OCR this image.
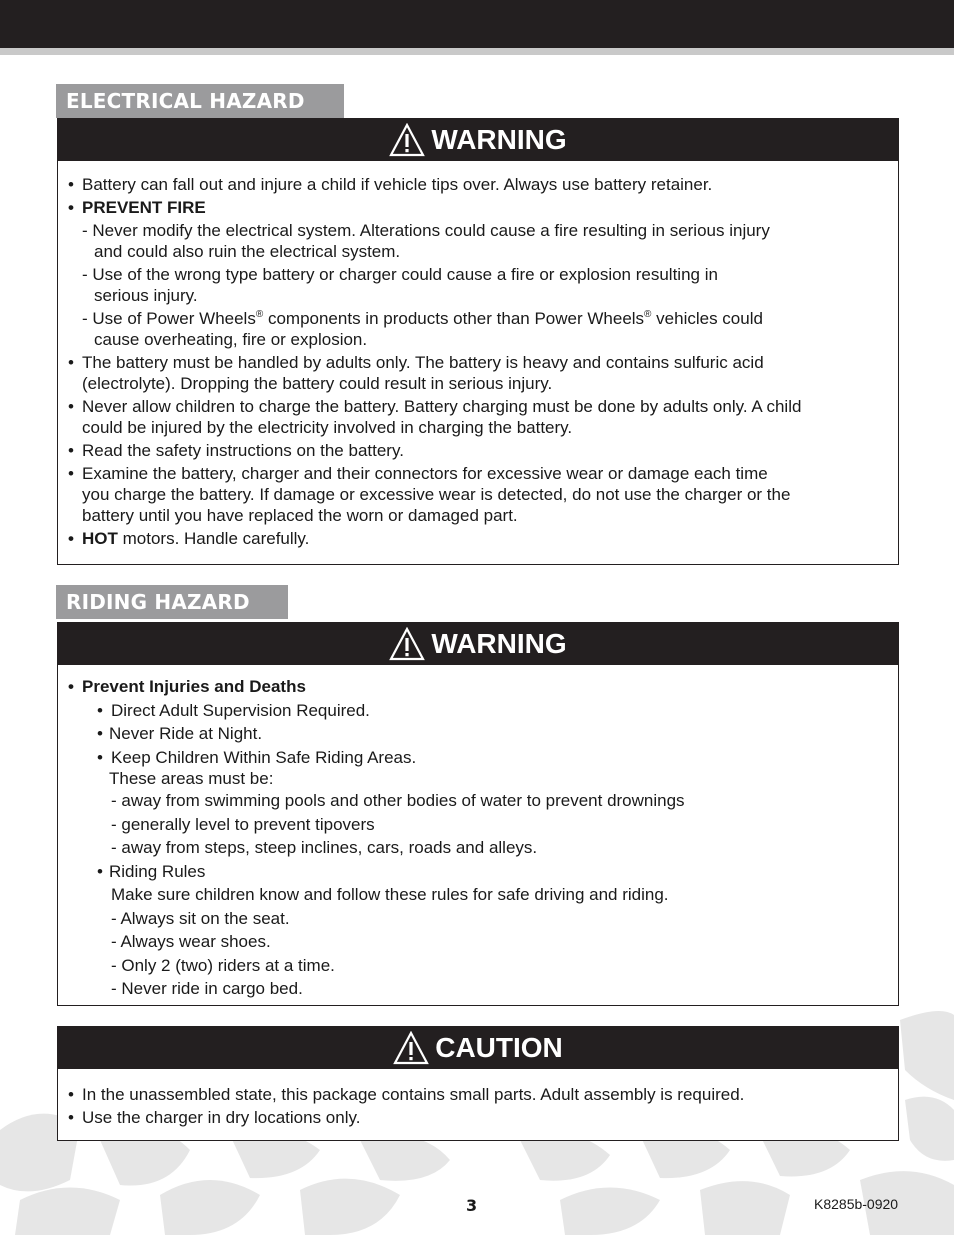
ELECTRICAL HAZARD
WARNING
• Battery can fall out and injure a child if vehicle tips over. Always use battery retainer.
• PREVENT FIRE
- Never modify the electrical system. Alterations could cause a fire resulting in serious injury
and could also ruin the electrical system.
- Use of the wrong type battery or charger could cause a fire or explosion resulting in
serious injury.
- Use of Power Wheels® components in products other than Power Wheels® vehicles could
cause overheating, fire or explosion.
• The battery must be handled by adults only. The battery is heavy and contains sulfuric acid
(electrolyte). Dropping the battery could result in serious injury.
• Never allow children to charge the battery. Battery charging must be done by adults only. A child
could be injured by the electricity involved in charging the battery.
• Read the safety instructions on the battery.
• Examine the battery, charger and their connectors for excessive wear or damage each time
you charge the battery. If damage or excessive wear is detected, do not use the charger or the
battery until you have replaced the worn or damaged part.
• HOT motors. Handle carefully.
RIDING HAZARD
WARNING
• Prevent Injuries and Deaths
• Direct Adult Supervision Required.
• Never Ride at Night.
• Keep Children Within Safe Riding Areas.
These areas must be:
- away from swimming pools and other bodies of water to prevent drownings
- generally level to prevent tipovers
- away from steps, steep inclines, cars, roads and alleys.
• Riding Rules
Make sure children know and follow these rules for safe driving and riding.
- Always sit on the seat.
- Always wear shoes.
- Only 2 (two) riders at a time.
- Never ride in cargo bed.
CAUTION
• In the unassembled state, this package contains small parts. Adult assembly is required.
• Use the charger in dry locations only.
3	K8285b-0920
